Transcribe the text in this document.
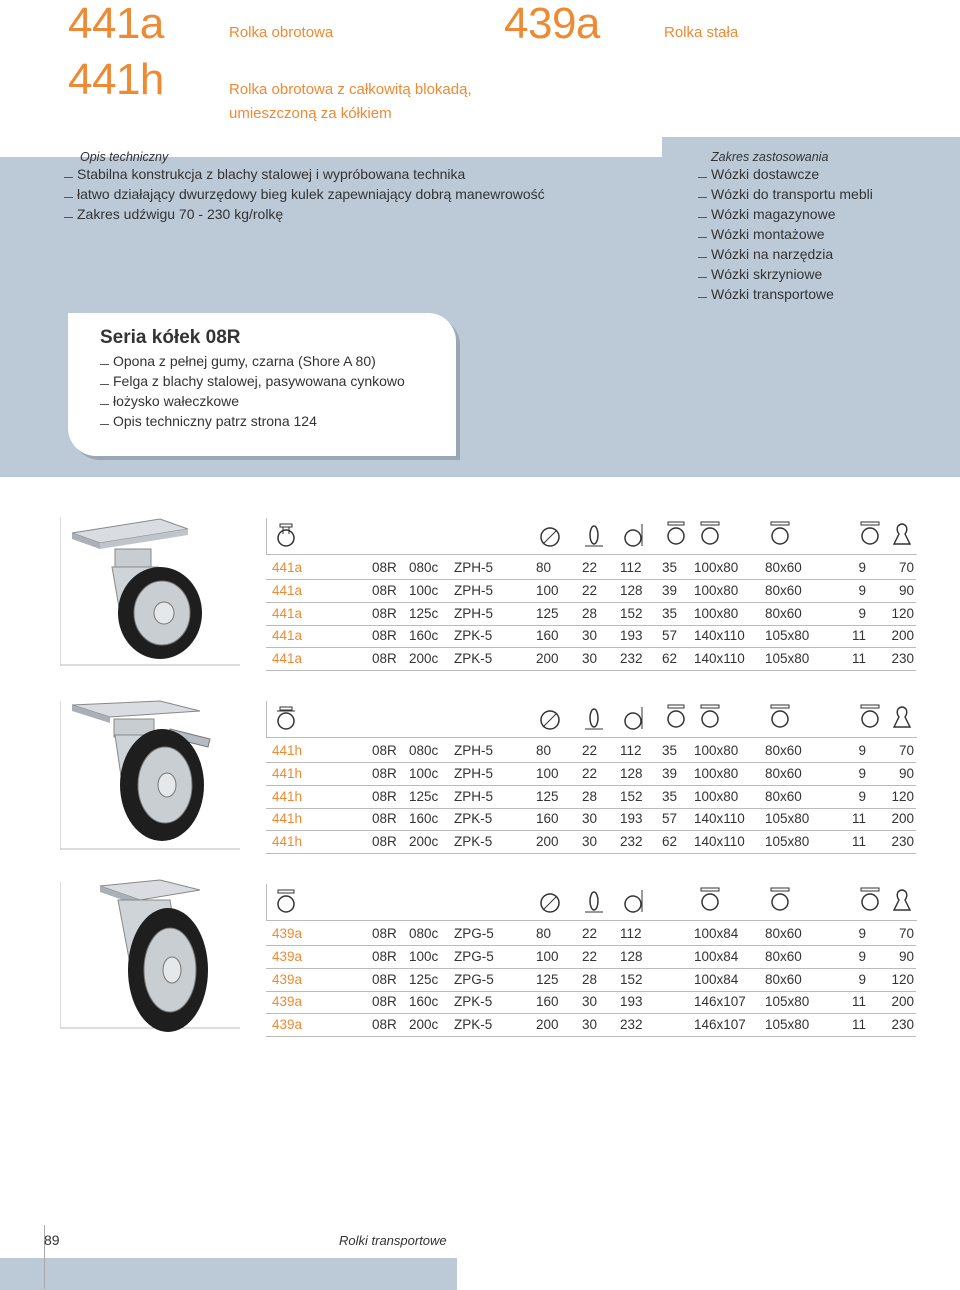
441a	Rolka obrotowa
441h	Rolka obrotowa z całkowitą blokadą,
umieszczoną za kółkiem
439a	Rolka stała
Opis techniczny
Stabilna konstrukcja z blachy stalowej i wypróbowana technika
łatwo działający dwurzędowy bieg kulek zapewniający dobrą manewrowość
Zakres udźwigu 70 - 230 kg/rolkę
Zakres zastosowania
Wózki dostawcze
Wózki do transportu mebli
Wózki magazynowe
Wózki montażowe
Wózki na narzędzia
Wózki skrzyniowe
Wózki transportowe
Seria kółek 08R
Opona z pełnej gumy, czarna (Shore A 80)
Felga z blachy stalowej, pasywowana cynkowo
łożysko wałeczkowe
Opis techniczny patrz strona 124
441a	08R 080c ZPH-5	80 22 112 35 100x80 80x60	9 70
441a	08R 100c ZPH-5	100 22 128 39 100x80 80x60	9 90
441a	08R 125c ZPH-5	125 28 152 35 100x80 80x60	9 120
441a	08R 160c ZPK-5	160 30 193 57 140x110 105x80	11 200
441a	08R 200c ZPK-5	200 30 232 62 140x110 105x80	11 230
441h	08R 080c ZPH-5	80 22 112 35 100x80 80x60	9 70
441h	08R 100c ZPH-5	100 22 128 39 100x80 80x60	9 90
441h	08R 125c ZPH-5	125 28 152 35 100x80 80x60	9 120
441h	08R 160c ZPK-5	160 30 193 57 140x110 105x80	11 200
441h	08R 200c ZPK-5	200 30 232 62 140x110 105x80	11 230
439a	08R 080c ZPG-5	80 22 112	100x84 80x60	9 70
439a	08R 100c ZPG-5	100 22 128	100x84 80x60	9 90
439a	08R 125c ZPG-5	125 28 152	100x84 80x60	9 120
439a	08R 160c ZPK-5	160 30 193	146x107 105x80	11 200
439a	08R 200c ZPK-5	200 30 232	146x107 105x80	11 230
89	Rolki transportowe
